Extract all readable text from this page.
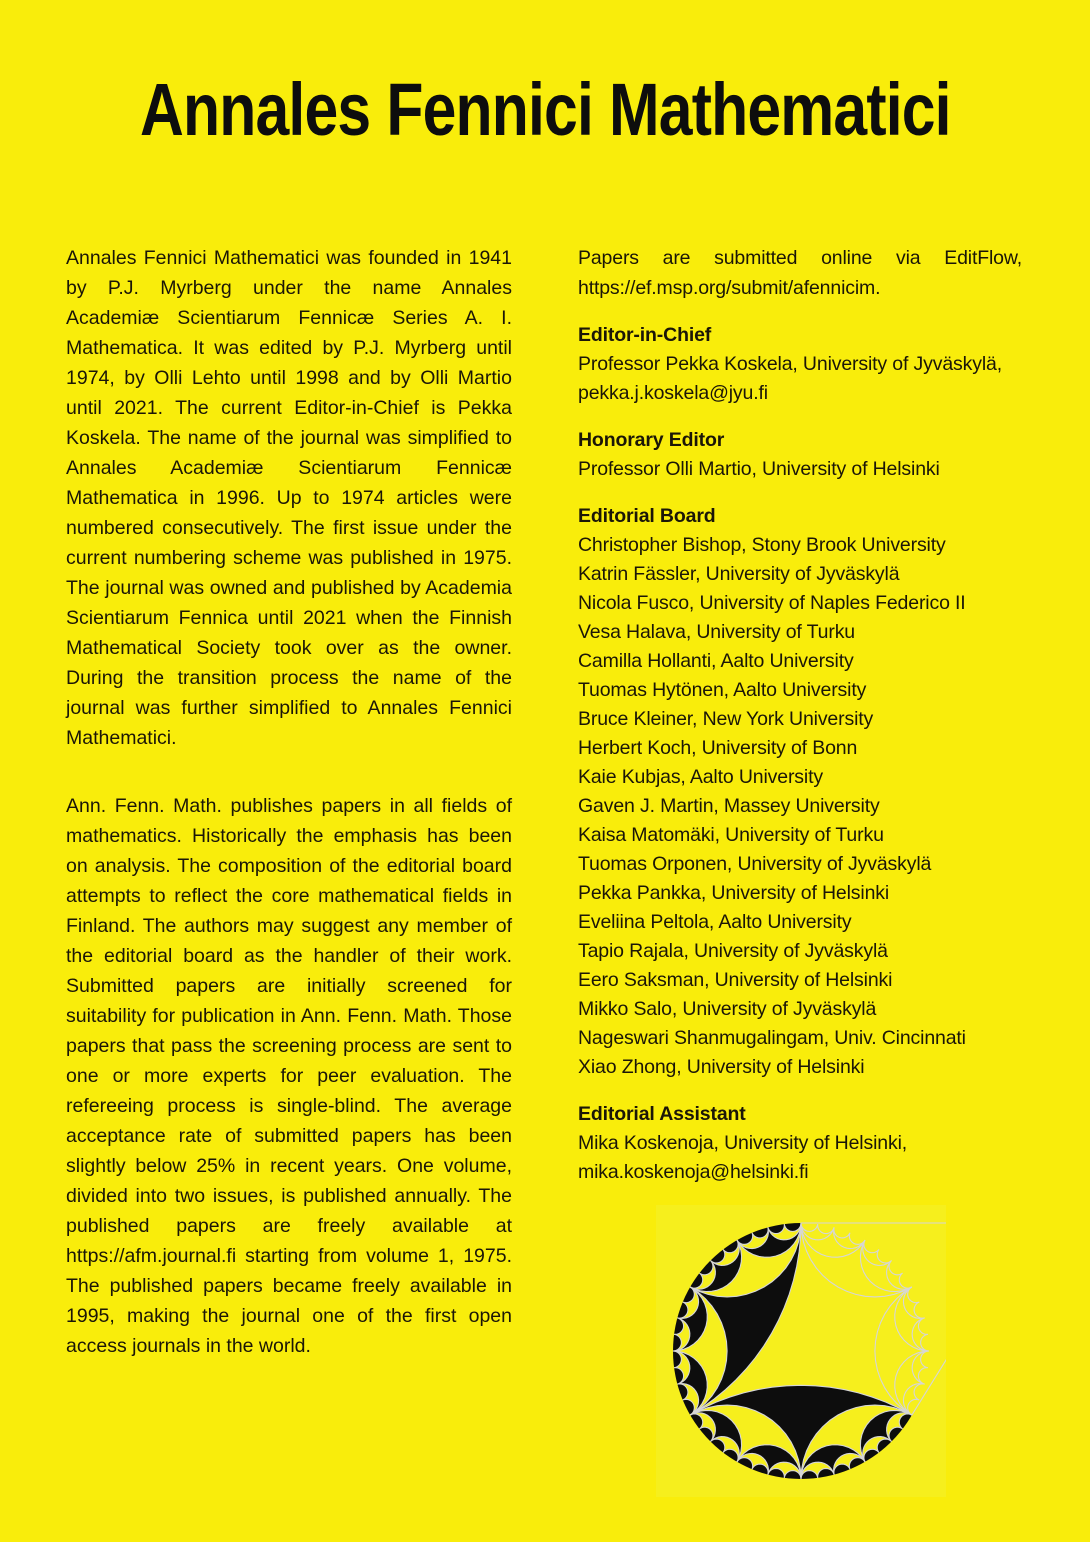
Annales Fennici Mathematici

Annales Fennici Mathematici was founded in 1941 by P.J. Myrberg under the name Annales Academiæ Scientiarum Fennicæ Series A. I. Mathematica. It was edited by P.J. Myrberg until 1974, by Olli Lehto until 1998 and by Olli Martio until 2021. The current Editor-in-Chief is Pekka Koskela. The name of the journal was simplified to Annales Academiæ Scientiarum Fennicæ Mathematica in 1996. Up to 1974 articles were numbered consecutively. The first issue under the current numbering scheme was published in 1975. The journal was owned and published by Academia Scientiarum Fennica until 2021 when the Finnish Mathematical Society took over as the owner. During the transition process the name of the journal was further simplified to Annales Fennici Mathematici.

Ann. Fenn. Math. publishes papers in all fields of mathematics. Historically the emphasis has been on analysis. The composition of the editorial board attempts to reflect the core mathematical fields in Finland. The authors may suggest any member of the editorial board as the handler of their work. Submitted papers are initially screened for suitability for publication in Ann. Fenn. Math. Those papers that pass the screening process are sent to one or more experts for peer evaluation. The refereeing process is single-blind. The average acceptance rate of submitted papers has been slightly below 25% in recent years. One volume, divided into two issues, is published annually. The published papers are freely available at https://afm.journal.fi starting from volume 1, 1975. The published papers became freely available in 1995, making the journal one of the first open access journals in the world.

Papers are submitted online via EditFlow, https://ef.msp.org/submit/afennicim.

Editor-in-Chief
Professor Pekka Koskela, University of Jyväskylä, pekka.j.koskela@jyu.fi
Honorary Editor
Professor Olli Martio, University of Helsinki
Editorial Board
Christopher Bishop, Stony Brook University
Katrin Fässler, University of Jyväskylä
Nicola Fusco, University of Naples Federico II
Vesa Halava, University of Turku
Camilla Hollanti, Aalto University
Tuomas Hytönen, Aalto University
Bruce Kleiner, New York University
Herbert Koch, University of Bonn
Kaie Kubjas, Aalto University
Gaven J. Martin, Massey University
Kaisa Matomäki, University of Turku
Tuomas Orponen, University of Jyväskylä
Pekka Pankka, University of Helsinki
Eveliina Peltola, Aalto University
Tapio Rajala, University of Jyväskylä
Eero Saksman, University of Helsinki
Mikko Salo, University of Jyväskylä
Nageswari Shanmugalingam, Univ. Cincinnati
Xiao Zhong, University of Helsinki
Editorial Assistant
Mika Koskenoja, University of Helsinki, mika.koskenoja@helsinki.fi
